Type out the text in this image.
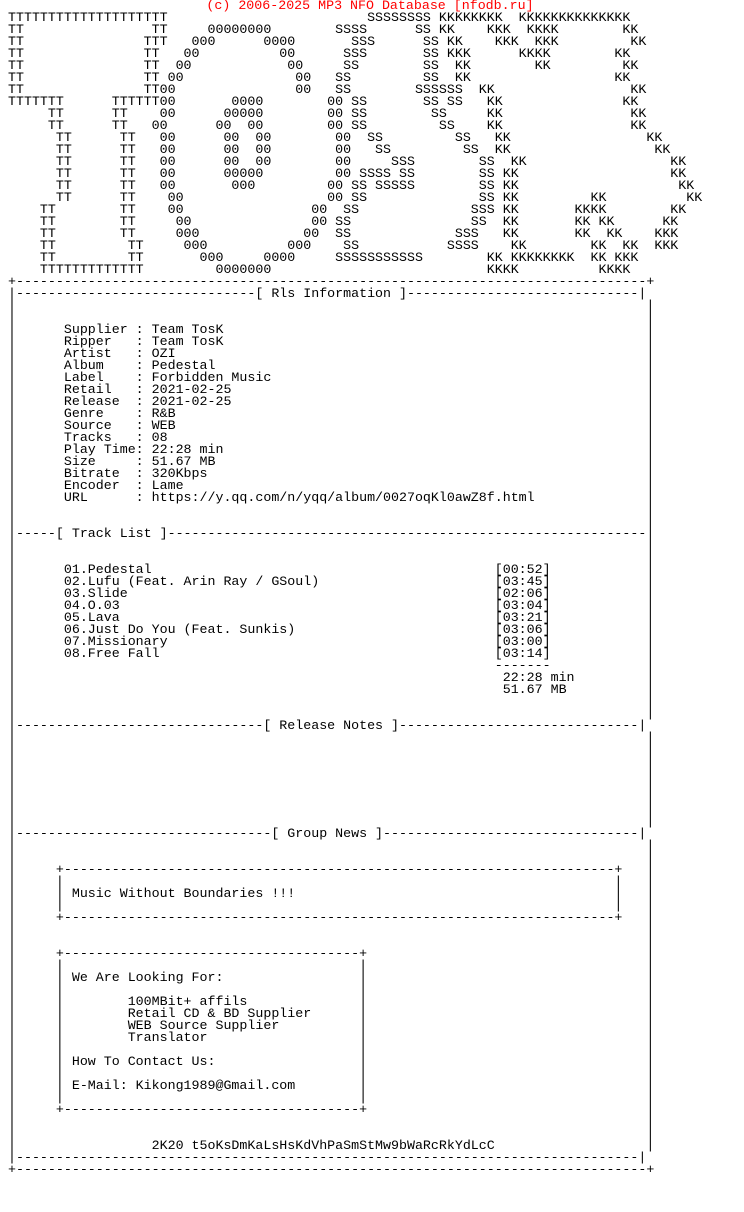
(c) 2006-2025 MP3 NFO Database [nfodb.ru]
TTTTTTTTTTTTTTTTTTTT                         SSSSSSSS KKKKKKKK  KKKKKKKKKKKKKK
TT                TT     00000000        SSSS      SS KK    KKK  KKKK        KK
TT               TTT   000      0000       SSS      SS KK    KKK  KKK         KK
TT               TT   00          00      SSS       SS KKK      KKKK        KK
TT               TT  00            00     SS        SS  KK        KK         KK
TT               TT 00              00   SS         SS  KK                  KK
TT               TT00               00   SS        SSSSSS  KK                 KK
TTTTTTT      TTTTTT00       0000        00 SS       SS SS   KK               KK
TT      TT    00      00000        00 SS        SS     KK                KK
TT      TT   00      00  00        00 SS         SS    KK                KK
TT      TT   00      00  00        00  SS         SS   KK                 KK
TT      TT   00      00  00        00   SS         SS  KK                  KK
TT      TT   00      00  00        00     SSS        SS  KK                  KK
TT      TT   00      00000         00 SSSS SS        SS KK                   KK
TT      TT   00       000         00 SS SSSSS        SS KK                    KK
TT      TT    00                  00 SS              SS KK         KK          KK
TT        TT    00                00  SS              SSS KK       KKKK        KK
TT        TT     00               00 SS               SS  KK       KK KK      KK
TT        TT     000             00  SS             SSS   KK       KK  KK    KKK
TT         TT     000          000    SS           SSSS    KK        KK  KK  KKK
TT         TT       000     0000     SSSSSSSSSSS        KK KKKKKKKK  KK KKK
TTTTTTTTTTTTT         0000000                           KKKK          KKKK
+-------------------------------------------------------------------------------+
|------------------------------[ Rls Information ]-----------------------------|
|                                                                               |
|                                                                               |
|      Supplier : Team TosK                                                     |
|      Ripper   : Team TosK                                                     |
|      Artist   : OZI                                                           |
|      Album    : Pedestal                                                      |
|      Label    : Forbidden Music                                               |
|      Retail   : 2021-02-25                                                    |
|      Release  : 2021-02-25                                                    |
|      Genre    : R&B                                                           |
|      Source   : WEB                                                           |
|      Tracks   : 08                                                            |
|      Play Time: 22:28 min                                                     |
|      Size     : 51.67 MB                                                      |
|      Bitrate  : 320Kbps                                                       |
|      Encoder  : Lame                                                          |
|      URL      : https://y.qq.com/n/yqq/album/0027oqKl0awZ8f.html              |
|                                                                               |
|                                                                               |
|-----[ Track List ]------------------------------------------------------------|
|                                                                               |
|                                                                               |
|      01.Pedestal                                           [00:52]            |
|      02.Lufu (Feat. Arin Ray / GSoul)                      [03:45]            |
|      03.Slide                                              [02:06]            |
|      04.O.03                                               [03:04]            |
|      05.Lava                                               [03:21]            |
|      06.Just Do You (Feat. Sunkis)                         [03:06]            |
|      07.Missionary                                         [03:00]            |
|      08.Free Fall                                          [03:14]            |
|                                                            -------            |
|                                                             22:28 min         |
|                                                             51.67 MB          |
|                                                                               |
|                                                                               |
|-------------------------------[ Release Notes ]------------------------------|
|                                                                               |
|                                                                               |
|                                                                               |
|                                                                               |
|                                                                               |
|                                                                               |
|                                                                               |
|                                                                               |
|--------------------------------[ Group News ]--------------------------------|
|                                                                               |
|                                                                               |
|     +---------------------------------------------------------------------+   |
|     |                                                                     |   |
|     | Music Without Boundaries !!!                                        |   |
|     |                                                                     |   |
|     +---------------------------------------------------------------------+   |
|                                                                               |
|                                                                               |
|     +-------------------------------------+                                   |
|     |                                     |                                   |
|     | We Are Looking For:                 |                                   |
|     |                                     |                                   |
|     |        100MBit+ affils              |                                   |
|     |        Retail CD & BD Supplier      |                                   |
|     |        WEB Source Supplier          |                                   |
|     |        Translator                   |                                   |
|     |                                     |                                   |
|     | How To Contact Us:                  |                                   |
|     |                                     |                                   |
|     | E-Mail: Kikong1989@Gmail.com        |                                   |
|     |                                     |                                   |
|     +-------------------------------------+                                   |
|                                                                               |
|                                                                               |
|                 2K20 t5oKsDmKaLsHsKdVhPaSmStMw9bWaRcRkYdLcC                   |
|------------------------------------------------------------------------------|
+-------------------------------------------------------------------------------+
